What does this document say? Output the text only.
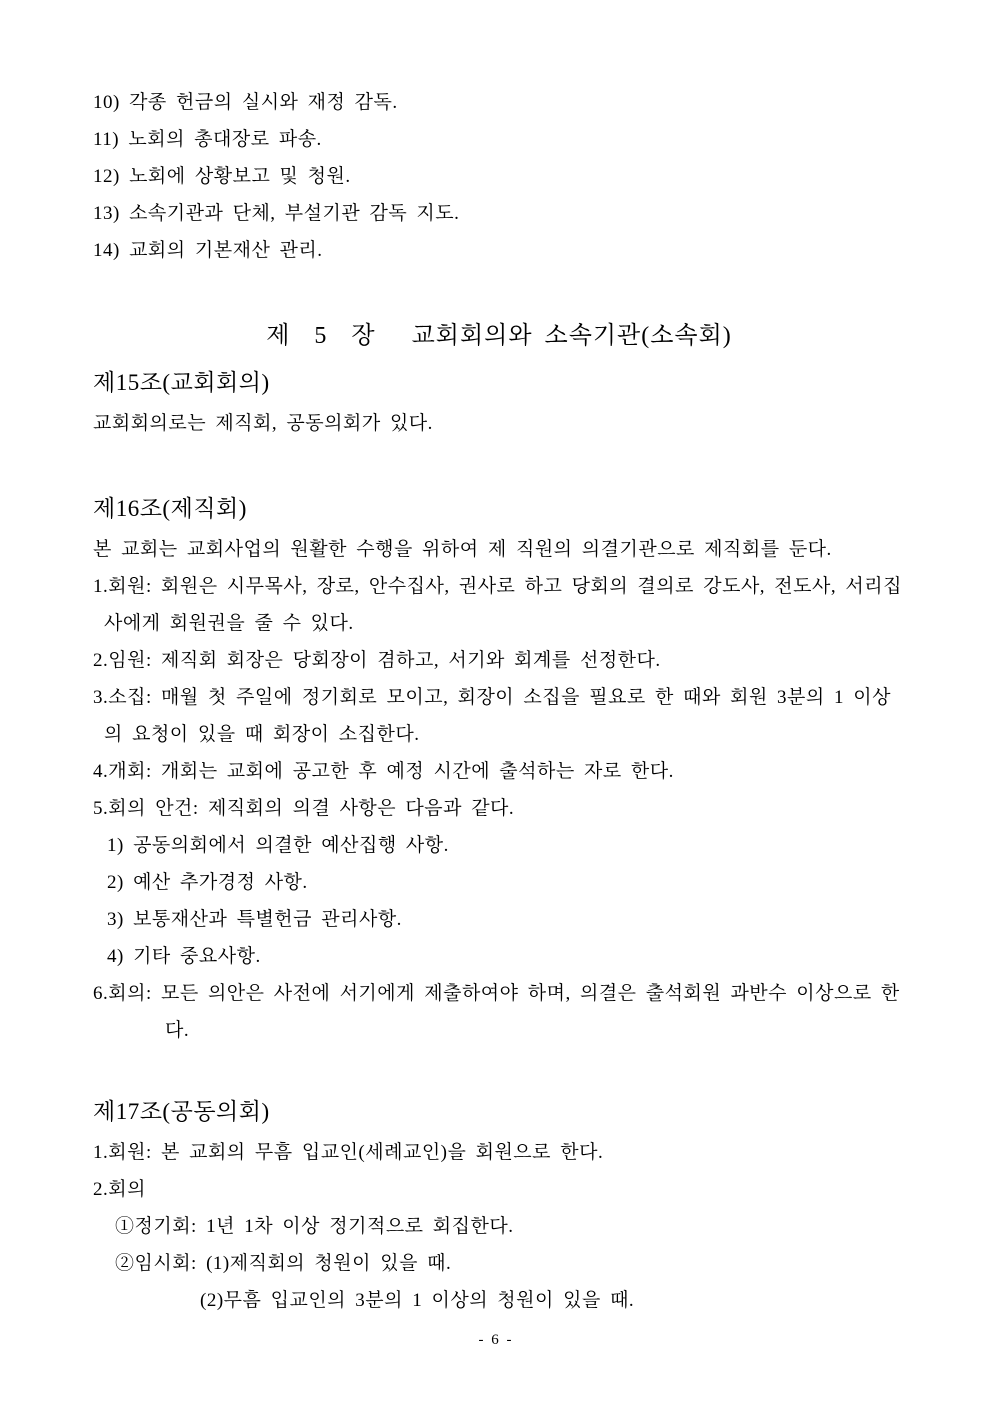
10) 각종 헌금의 실시와 재정 감독.

11) 노회의 총대장로 파송.

12) 노회에 상황보고 및 청원.

13) 소속기관과 단체, 부설기관 감독 지도.

14) 교회의 기본재산 관리.

제  5  장   교회회의와 소속기관(소속회)
제15조(교회회의)

교회회의로는 제직회, 공동의회가 있다.

제16조(제직회)

본 교회는 교회사업의 원활한 수행을 위하여 제 직원의 의결기관으로 제직회를 둔다.

1.회원: 회원은 시무목사, 장로, 안수집사, 권사로 하고 당회의 결의로 강도사, 전도사, 서리집

사에게 회원권을 줄 수 있다.

2.임원: 제직회 회장은 당회장이 겸하고, 서기와 회계를 선정한다.

3.소집: 매월 첫 주일에 정기회로 모이고, 회장이 소집을 필요로 한 때와 회원 3분의 1 이상

의 요청이 있을 때 회장이 소집한다.

4.개회: 개회는 교회에 공고한 후 예정 시간에 출석하는 자로 한다.

5.회의 안건: 제직회의 의결 사항은 다음과 같다.

1) 공동의회에서 의결한 예산집행 사항.

2) 예산 추가경정 사항.

3) 보통재산과 특별헌금 관리사항.

4) 기타 중요사항.

6.회의: 모든 의안은 사전에 서기에게 제출하여야 하며, 의결은 출석회원 과반수 이상으로 한

다.

제17조(공동의회)

1.회원: 본 교회의 무흠 입교인(세례교인)을 회원으로 한다.

2.회의

①정기회: 1년 1차 이상 정기적으로 회집한다.

②임시회: (1)제직회의 청원이 있을 때.

(2)무흠 입교인의 3분의 1 이상의 청원이 있을 때.

- 6 -
